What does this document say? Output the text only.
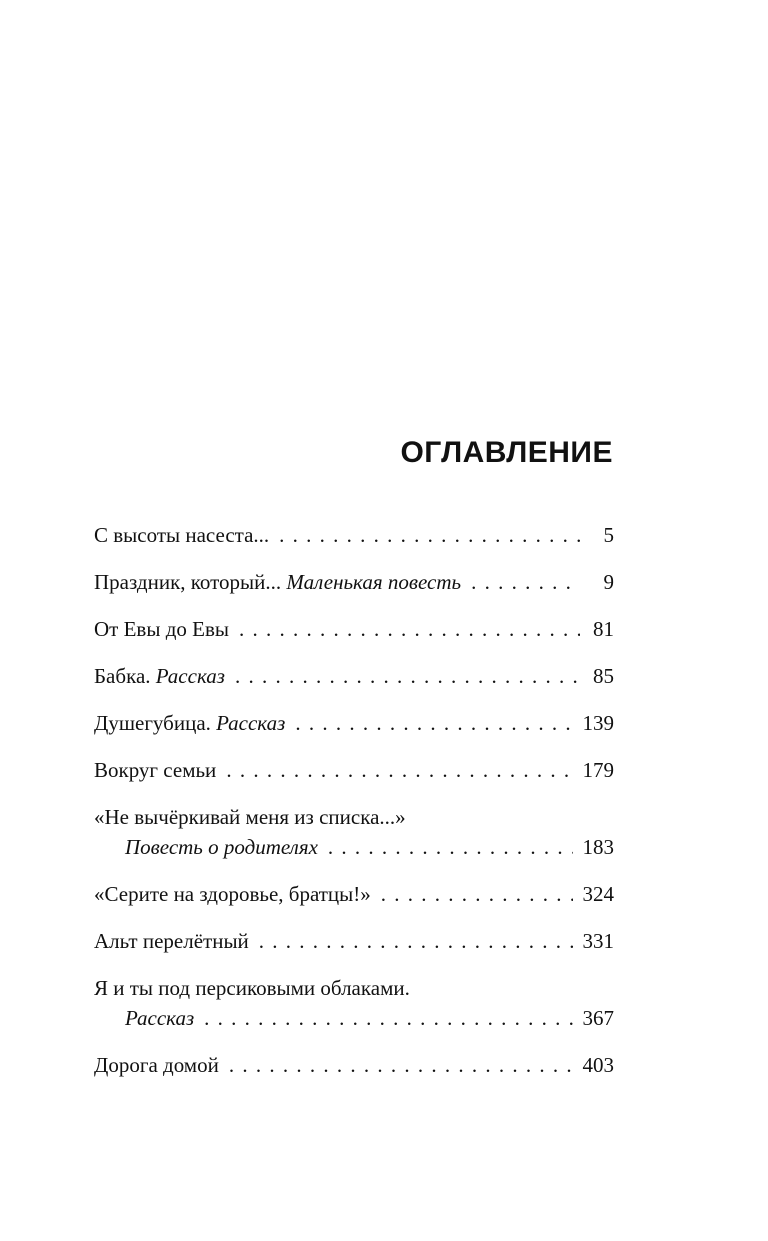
ОГЛАВЛЕНИЕ
С высоты насеста... . . .	5
Праздник, который... Маленькая повесть . . .	9
От Евы до Евы . . .	81
Бабка. Рассказ . . .	85
Душегубица. Рассказ . . .	139
Вокруг семьи . . .	179
«Не вычёркивай меня из списка...»
Повесть о родителях . . .	183
«Серите на здоровье, братцы!» . . .	324
Альт перелётный . . .	331
Я и ты под персиковыми облаками.
Рассказ . . .	367
Дорога домой . . .	403
